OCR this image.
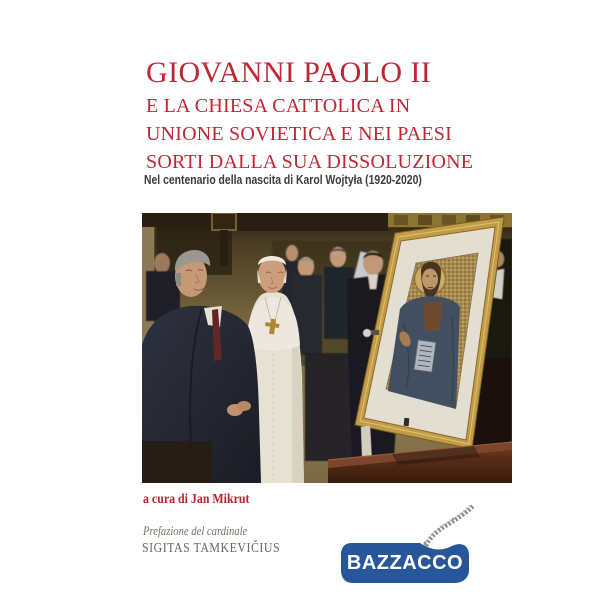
GIOVANNI PAOLO II
E LA CHIESA CATTOLICA IN
UNIONE SOVIETICA E NEI PAESI
SORTI DALLA SUA DISSOLUZIONE
Nel centenario della nascita di Karol Wojtyła (1920-2020)
a cura di Jan Mikrut
Prefazione del cardinale
SIGITAS TAMKEVIČIUS
BAZZACCO
